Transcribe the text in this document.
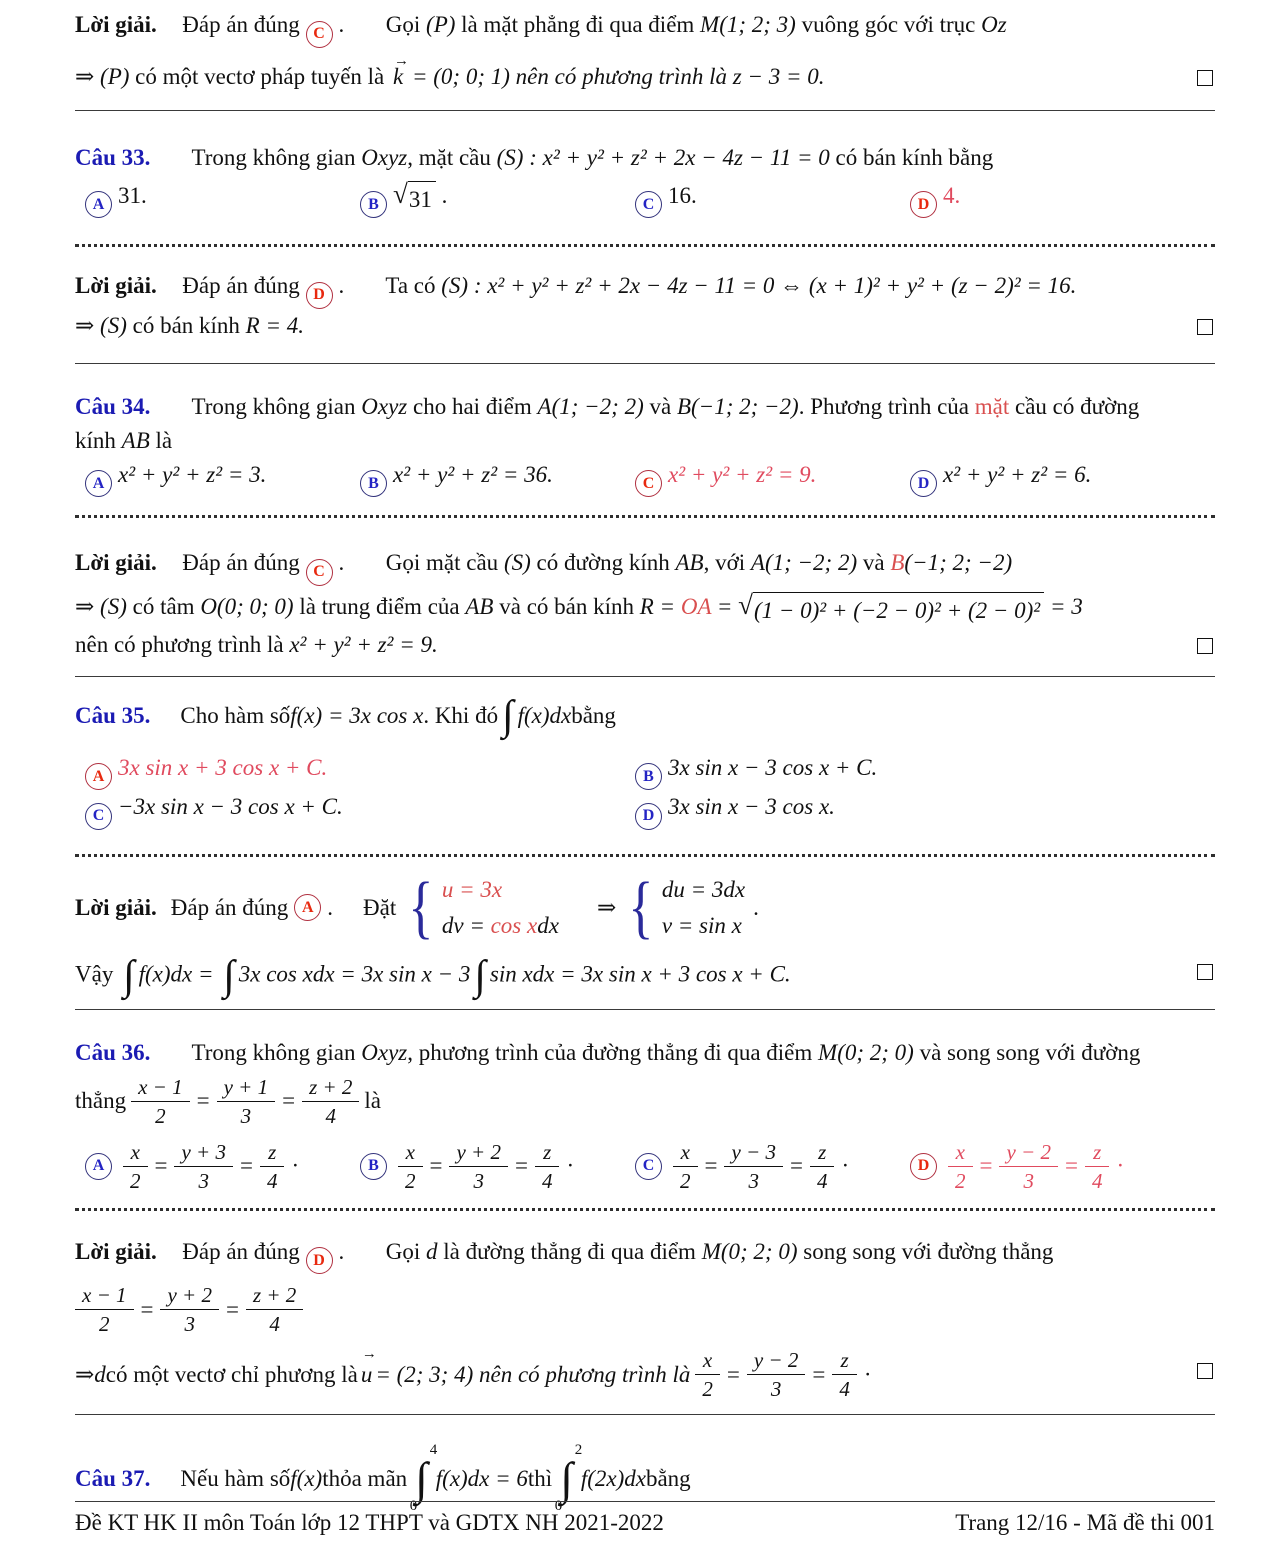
Lời giải. Đáp án đúng C . Gọi (P) là mặt phẳng đi qua điểm M(1; 2; 3) vuông góc với trục Oz
⇒ (P) có một vectơ pháp tuyến là
→
k = (0; 0; 1) nên có phương trình là z − 3 = 0.
Câu 33. Trong không gian Oxyz, mặt cầu (S) : x² + y² + z² + 2x − 4z − 11 = 0 có bán kính bằng
A 31.	B √ 31 .	C 16.	D 4.
Lời giải. Đáp án đúng D . Ta có (S) : x² + y² + z² + 2x − 4z − 11 = 0 ⇔ (x + 1)² + y² + (z − 2)² = 16.
⇒ (S) có bán kính R = 4.
Câu 34. Trong không gian Oxyz cho hai điểm A(1; −2; 2) và B(−1; 2; −2). Phương trình của mặt cầu có đường
kính AB là
A x² + y² + z² = 3.	B x² + y² + z² = 36.	C x² + y² + z² = 9.	D x² + y² + z² = 6.
Lời giải. Đáp án đúng C . Gọi mặt cầu (S) có đường kính AB, với A(1; −2; 2) và B(−1; 2; −2)
⇒ (S) có tâm O(0; 0; 0) là trung điểm của AB và có bán kính R = OA = √ (1 − 0)² + (−2 − 0)² + (2 − 0)² = 3
nên có phương trình là x² + y² + z² = 9.
Câu 35. Cho hàm số f(x) = 3x cos x . Khi đó ∫ f(x)dx bằng
A 3x sin x + 3 cos x + C.	B 3x sin x − 3 cos x + C.
C −3x sin x − 3 cos x + C.	D 3x sin x − 3 cos x.
Lời giải. Đáp án đúng A . Đặt { u = 3x
dv = cos xdx
⇒ { du = 3dx
v = sin x
.
Vậy ∫ f(x)dx = ∫ 3x cos xdx = 3x sin x − 3∫ sin xdx = 3x sin x + 3 cos x + C.
Câu 36. Trong không gian Oxyz, phương trình của đường thẳng đi qua điểm M(0; 2; 0) và song song với đường
thẳng $\frac{x - 1}{2} = \frac{y + 1}{3} = \frac{z + 2}{4}$ là
A $\frac{x}{2} = \frac{y + 3}{3} = \frac{z}{4}$ ·	B $\frac{x}{2} = \frac{y + 2}{3} = \frac{z}{4}$ ·	C $\frac{x}{2} = \frac{y - 3}{3} = \frac{z}{4}$ ·	D $\frac{x}{2} = \frac{y - 2}{3} = \frac{z}{4}$ ·
Lời giải. Đáp án đúng D . Gọi d là đường thẳng đi qua điểm M(0; 2; 0) song song với đường thẳng
$\frac{x - 1}{2} = \frac{y + 2}{3} = \frac{z + 2}{4}$
⇒ d có một vectơ chỉ phương là
→
u = (2; 3; 4) nên có phương trình là $\frac{x}{2} = \frac{y - 2}{3} = \frac{z}{4}$ ·
Câu 37. Nếu hàm số f(x) thỏa mãn
4
∫
0
f(x)dx = 6 thì
2
∫
0
f(2x)dx bằng
Đề KT HK II môn Toán lớp 12 THPT và GDTX NH 2021-2022	Trang 12/16 - Mã đề thi 001
